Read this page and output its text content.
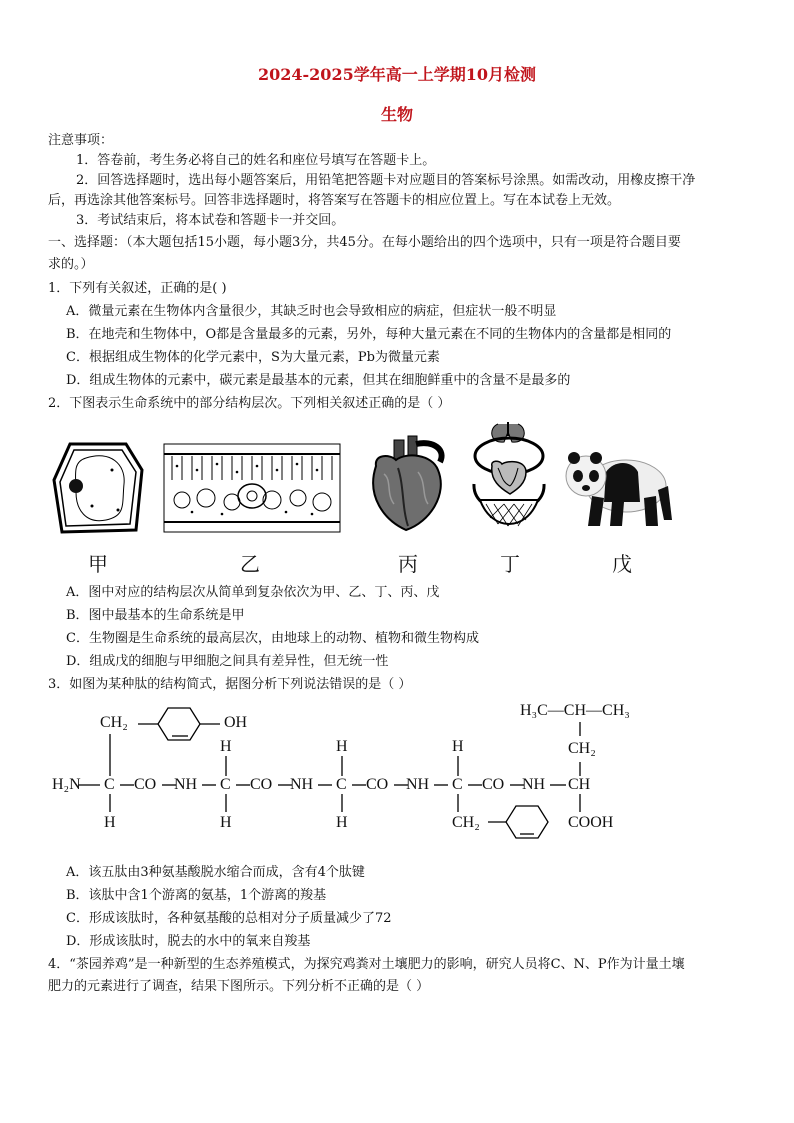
2024-2025学年高一上学期10月检测
生物
注意事项：
1．答卷前，考生务必将自己的姓名和座位号填写在答题卡上。
2．回答选择题时，选出每小题答案后，用铅笔把答题卡对应题目的答案标号涂黑。如需改动，用橡皮擦干净
后，再选涂其他答案标号。回答非选择题时，将答案写在答题卡的相应位置上。写在本试卷上无效。
3．考试结束后，将本试卷和答题卡一并交回。
一、选择题：（本大题包括15小题，每小题3分，共45分。在每小题给出的四个选项中，只有一项是符合题目要
求的。）
1．下列有关叙述，正确的是( )
A．微量元素在生物体内含量很少，其缺乏时也会导致相应的病症，但症状一般不明显
B．在地壳和生物体中，O都是含量最多的元素，另外，每种大量元素在不同的生物体内的含量都是相同的
C．根据组成生物体的化学元素中，S为大量元素，Pb为微量元素
D．组成生物体的元素中，碳元素是最基本的元素，但其在细胞鲜重中的含量不是最多的
2．下图表示生命系统中的部分结构层次。下列相关叙述正确的是（ ）
甲	乙	丙	丁	戊
A．图中对应的结构层次从简单到复杂依次为甲、乙、丁、丙、戊
B．图中最基本的生命系统是甲
C．生物圈是生命系统的最高层次，由地球上的动物、植物和微生物构成
D．组成戊的细胞与甲细胞之间具有差异性，但无统一性
3．如图为某种肽的结构简式，据图分析下列说法错误的是（ ）
CH₂	OH
H₃C—CH—CH₃
H	H	H	CH₂
H₂N C CO NH C CO NH C CO NH C CO NH CH
H	H	H	CH₂	COOH
A．该五肽由3种氨基酸脱水缩合而成，含有4个肽键
B．该肽中含1个游离的氨基，1个游离的羧基
C．形成该肽时，各种氨基酸的总相对分子质量减少了72
D．形成该肽时，脱去的水中的氧来自羧基
4．“茶园养鸡”是一种新型的生态养殖模式，为探究鸡粪对土壤肥力的影响，研究人员将C、N、P作为计量土壤
肥力的元素进行了调查，结果下图所示。下列分析不正确的是（ ）
